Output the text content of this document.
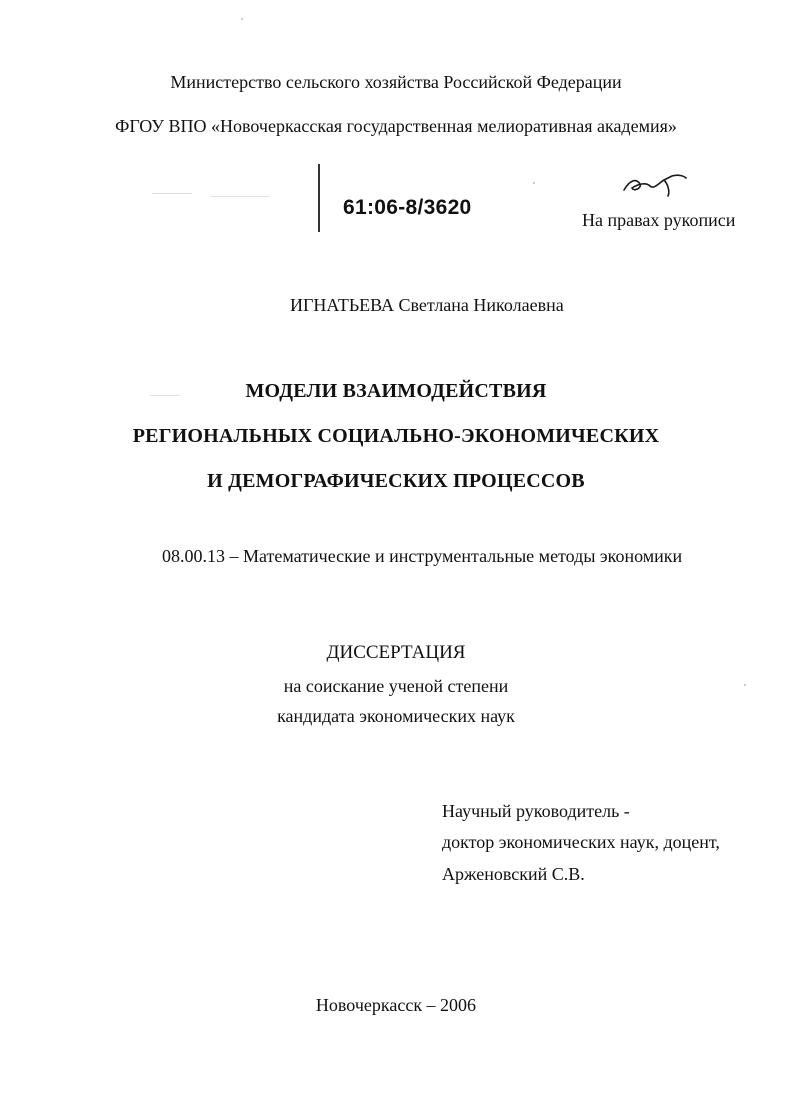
Министерство сельского хозяйства Российской Федерации
ФГОУ ВПО «Новочеркасская государственная мелиоративная академия»
61:06-8/3620
На правах рукописи
ИГНАТЬЕВА Светлана Николаевна
МОДЕЛИ ВЗАИМОДЕЙСТВИЯ
РЕГИОНАЛЬНЫХ СОЦИАЛЬНО-ЭКОНОМИЧЕСКИХ
И ДЕМОГРАФИЧЕСКИХ ПРОЦЕССОВ
08.00.13 – Математические и инструментальные методы экономики
ДИССЕРТАЦИЯ
на соискание ученой степени
кандидата экономических наук
Научный руководитель -
доктор экономических наук, доцент,
Арженовский С.В.
Новочеркасск – 2006
